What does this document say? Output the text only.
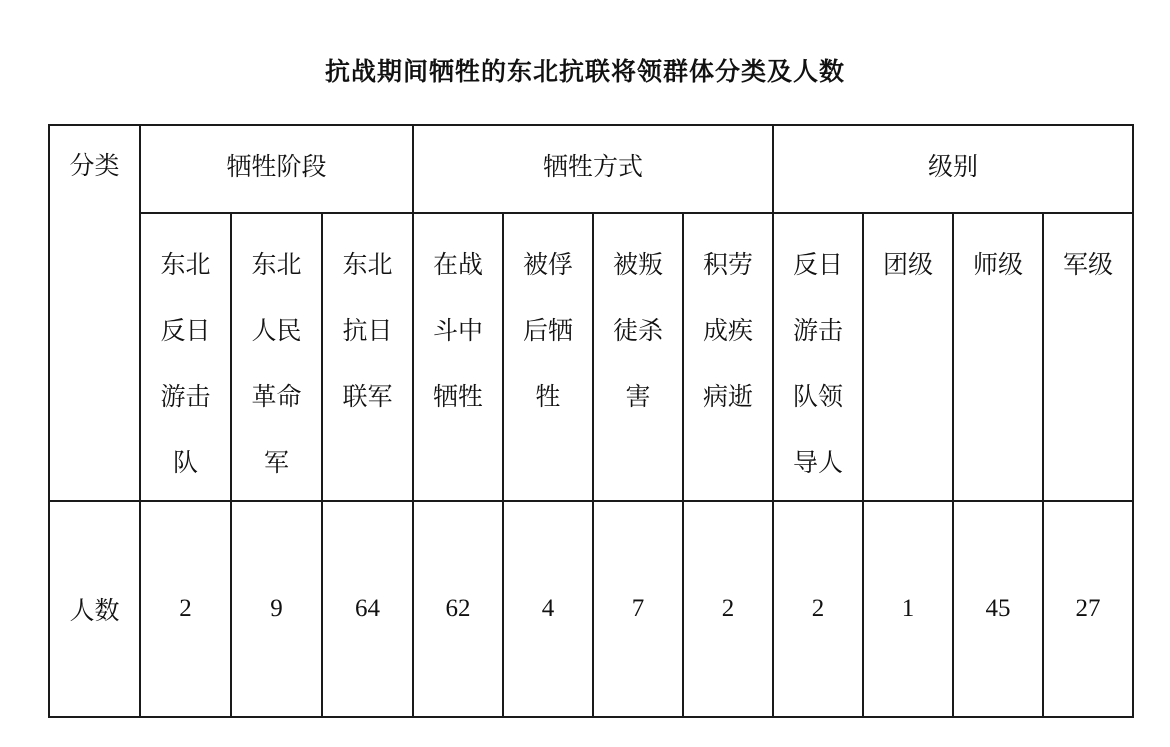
抗战期间牺牲的东北抗联将领群体分类及人数
分类	牺牲阶段			牺牲方式				级别			
	东北反日游击队	东北人民革命军	东北抗日联军	在战斗中牺牲	被俘后牺牲	被叛徒杀害	积劳成疾病逝	反日游击队领导人	团级	师级	军级
人数	2	9	64	62	4	7	2	2	1	45	27
